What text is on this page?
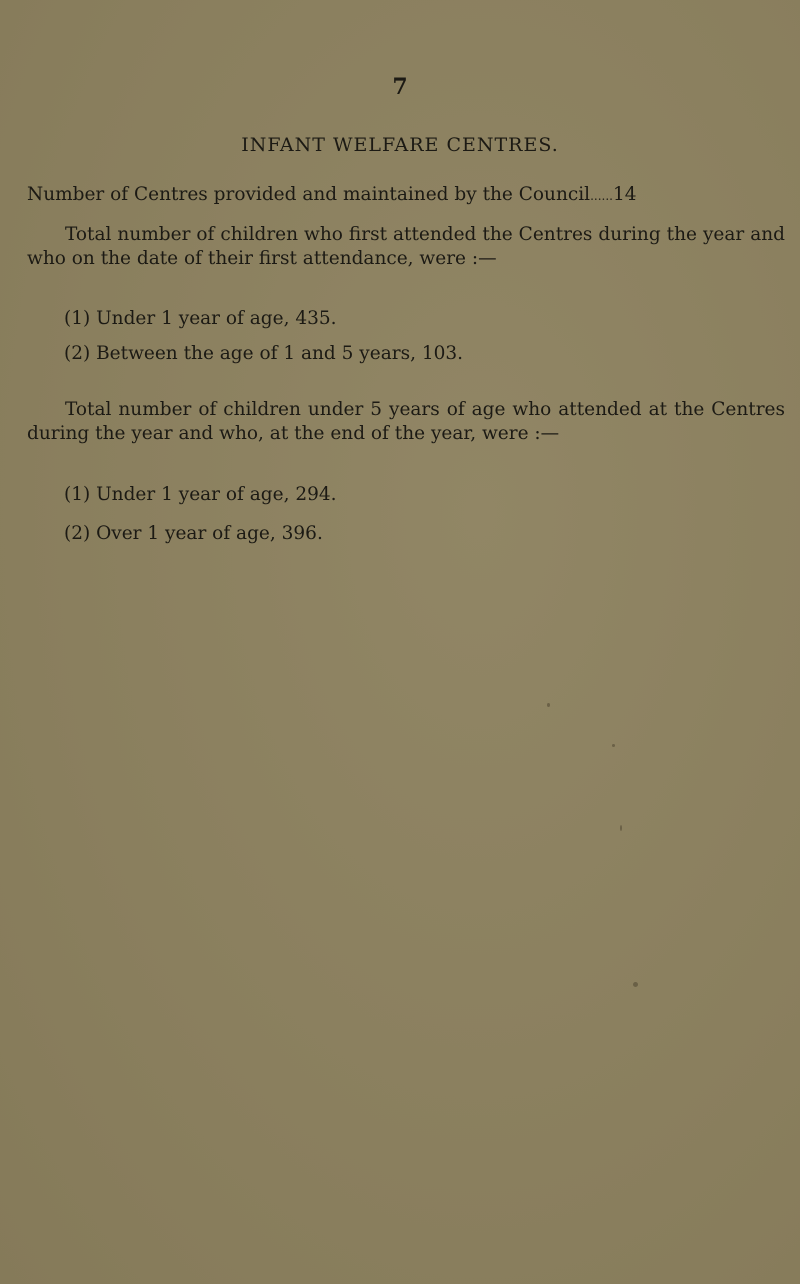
7
INFANT WELFARE CENTRES.
Number of Centres provided and maintained by the Council......14
Total number of children who first attended the Centres during the year and who on the date of their first attendance, were :—
(1) Under 1 year of age, 435.
(2) Between the age of 1 and 5 years, 103.
Total number of children under 5 years of age who attended at the Centres during the year and who, at the end of the year, were :—
(1) Under 1 year of age, 294.
(2) Over 1 year of age, 396.
